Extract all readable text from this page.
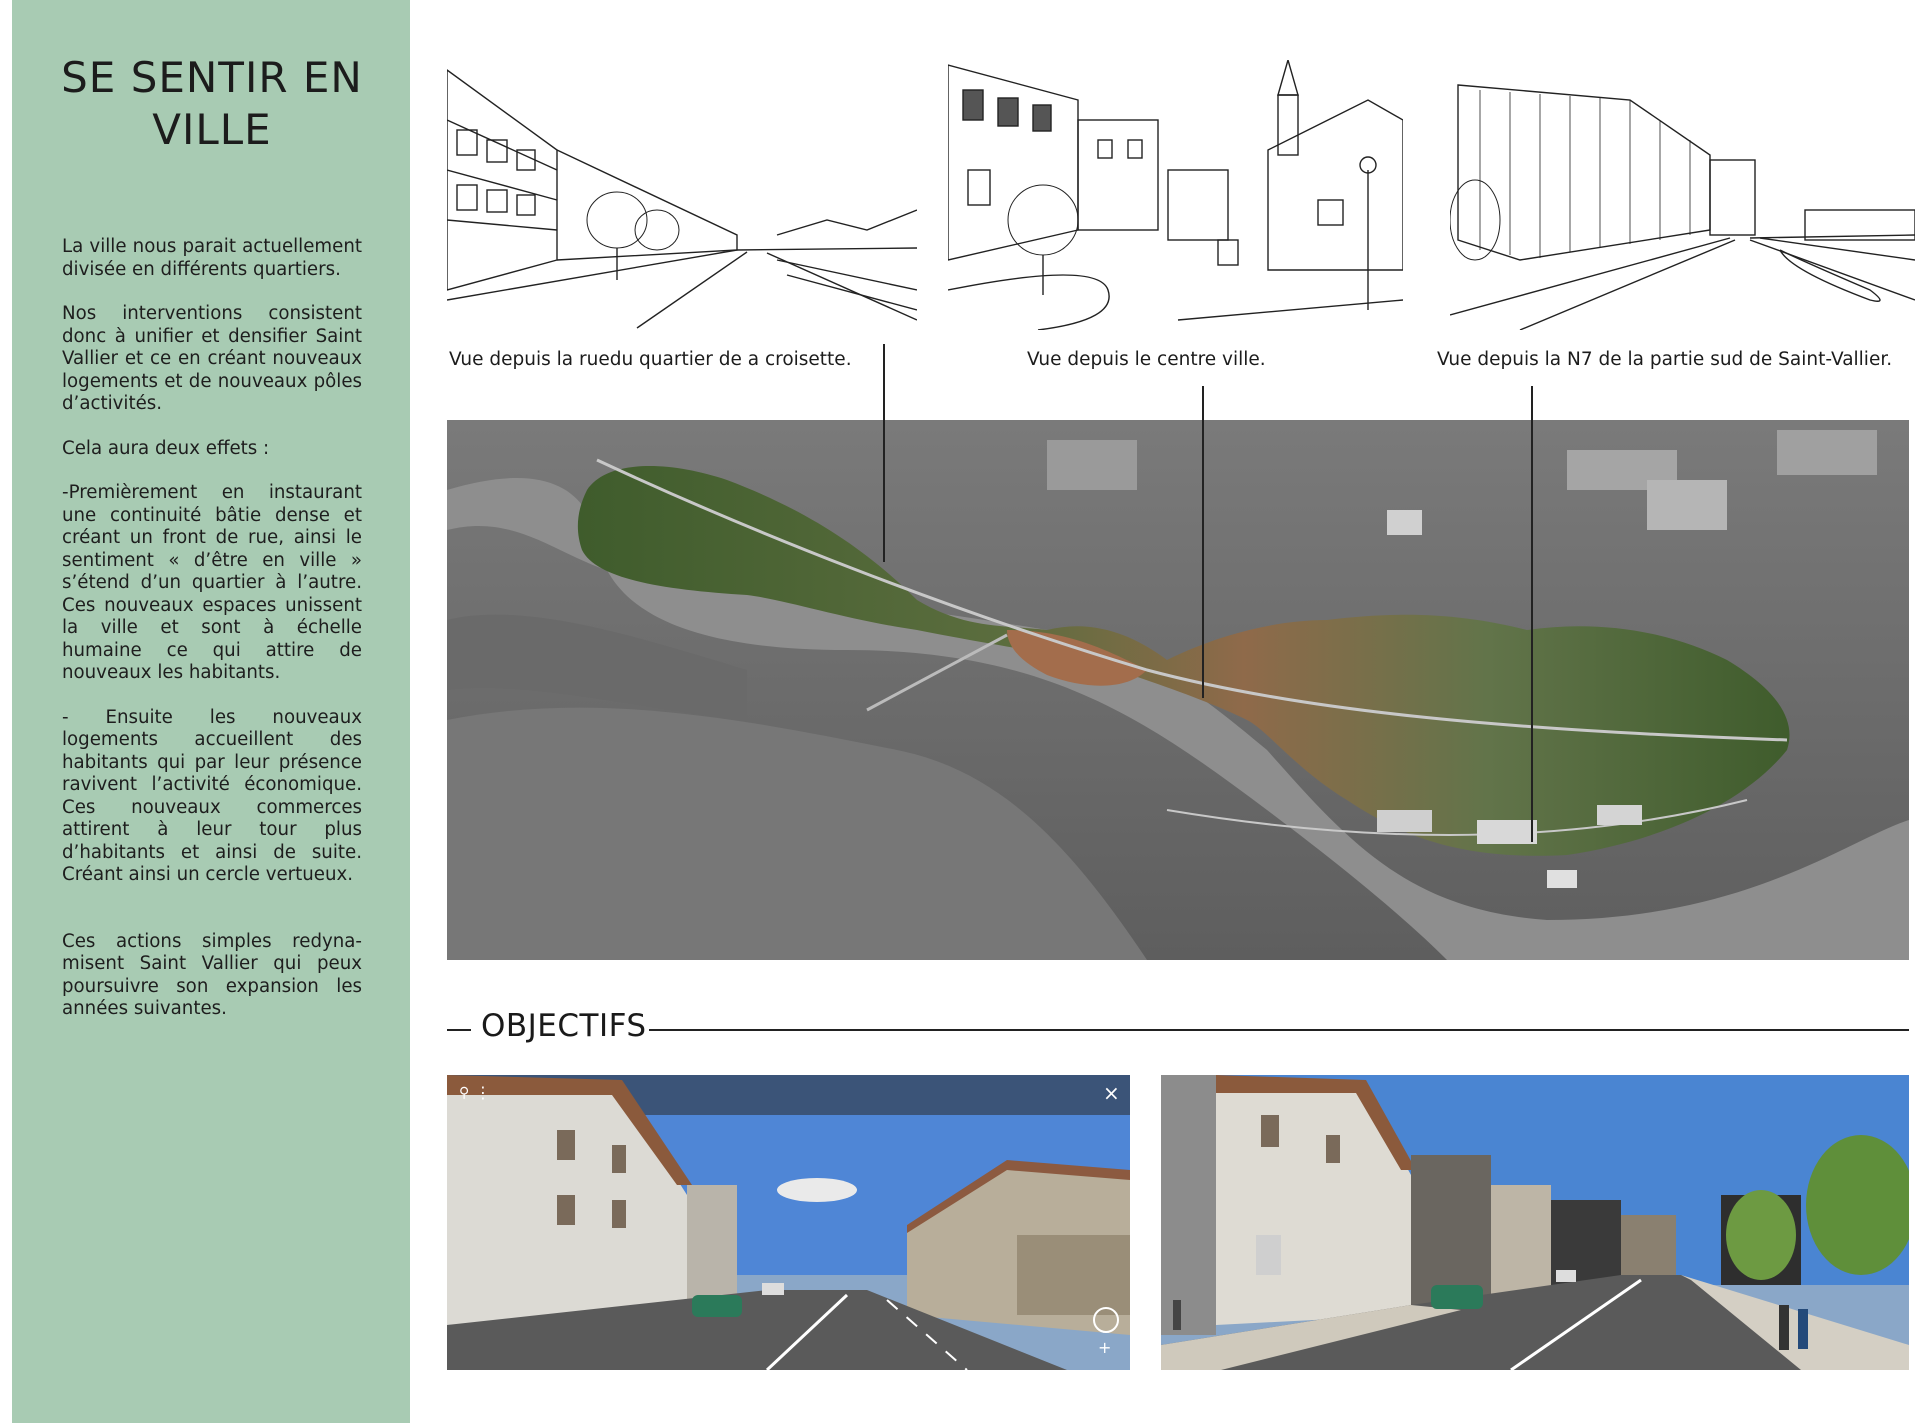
SE SENTIR EN
VILLE

La ville nous parait actuellement divisée en différents quartiers.

Nos interventions consistent donc à unifier et densifier Saint Vallier et ce en créant nouveaux logements et de nouveaux pôles d’activités.

Cela aura deux effets :

-Premièrement en instaurant une continuité bâtie dense et créant un front de rue, ainsi le sentiment « d’être en ville » s’étend d’un quartier à l’autre. Ces nouveaux espaces unissent la ville et sont à échelle humaine ce qui attire de nouveaux les habitants.

- Ensuite les nouveaux logements accueillent des habitants qui par leur présence ravivent l’activité économique. Ces nouveaux commerces attirent à leur tour plus d’habitants et ainsi de suite. Créant ainsi un cercle vertueux.

Ces actions simples redyna-misent Saint Vallier qui peux poursuivre son expansion les années suivantes.

Vue depuis la ruedu quartier de a croisette.	Vue depuis le centre ville.	Vue depuis la N7 de la partie sud de Saint-Vallier.
OBJECTIFS
⚲ ⋮	×
+
